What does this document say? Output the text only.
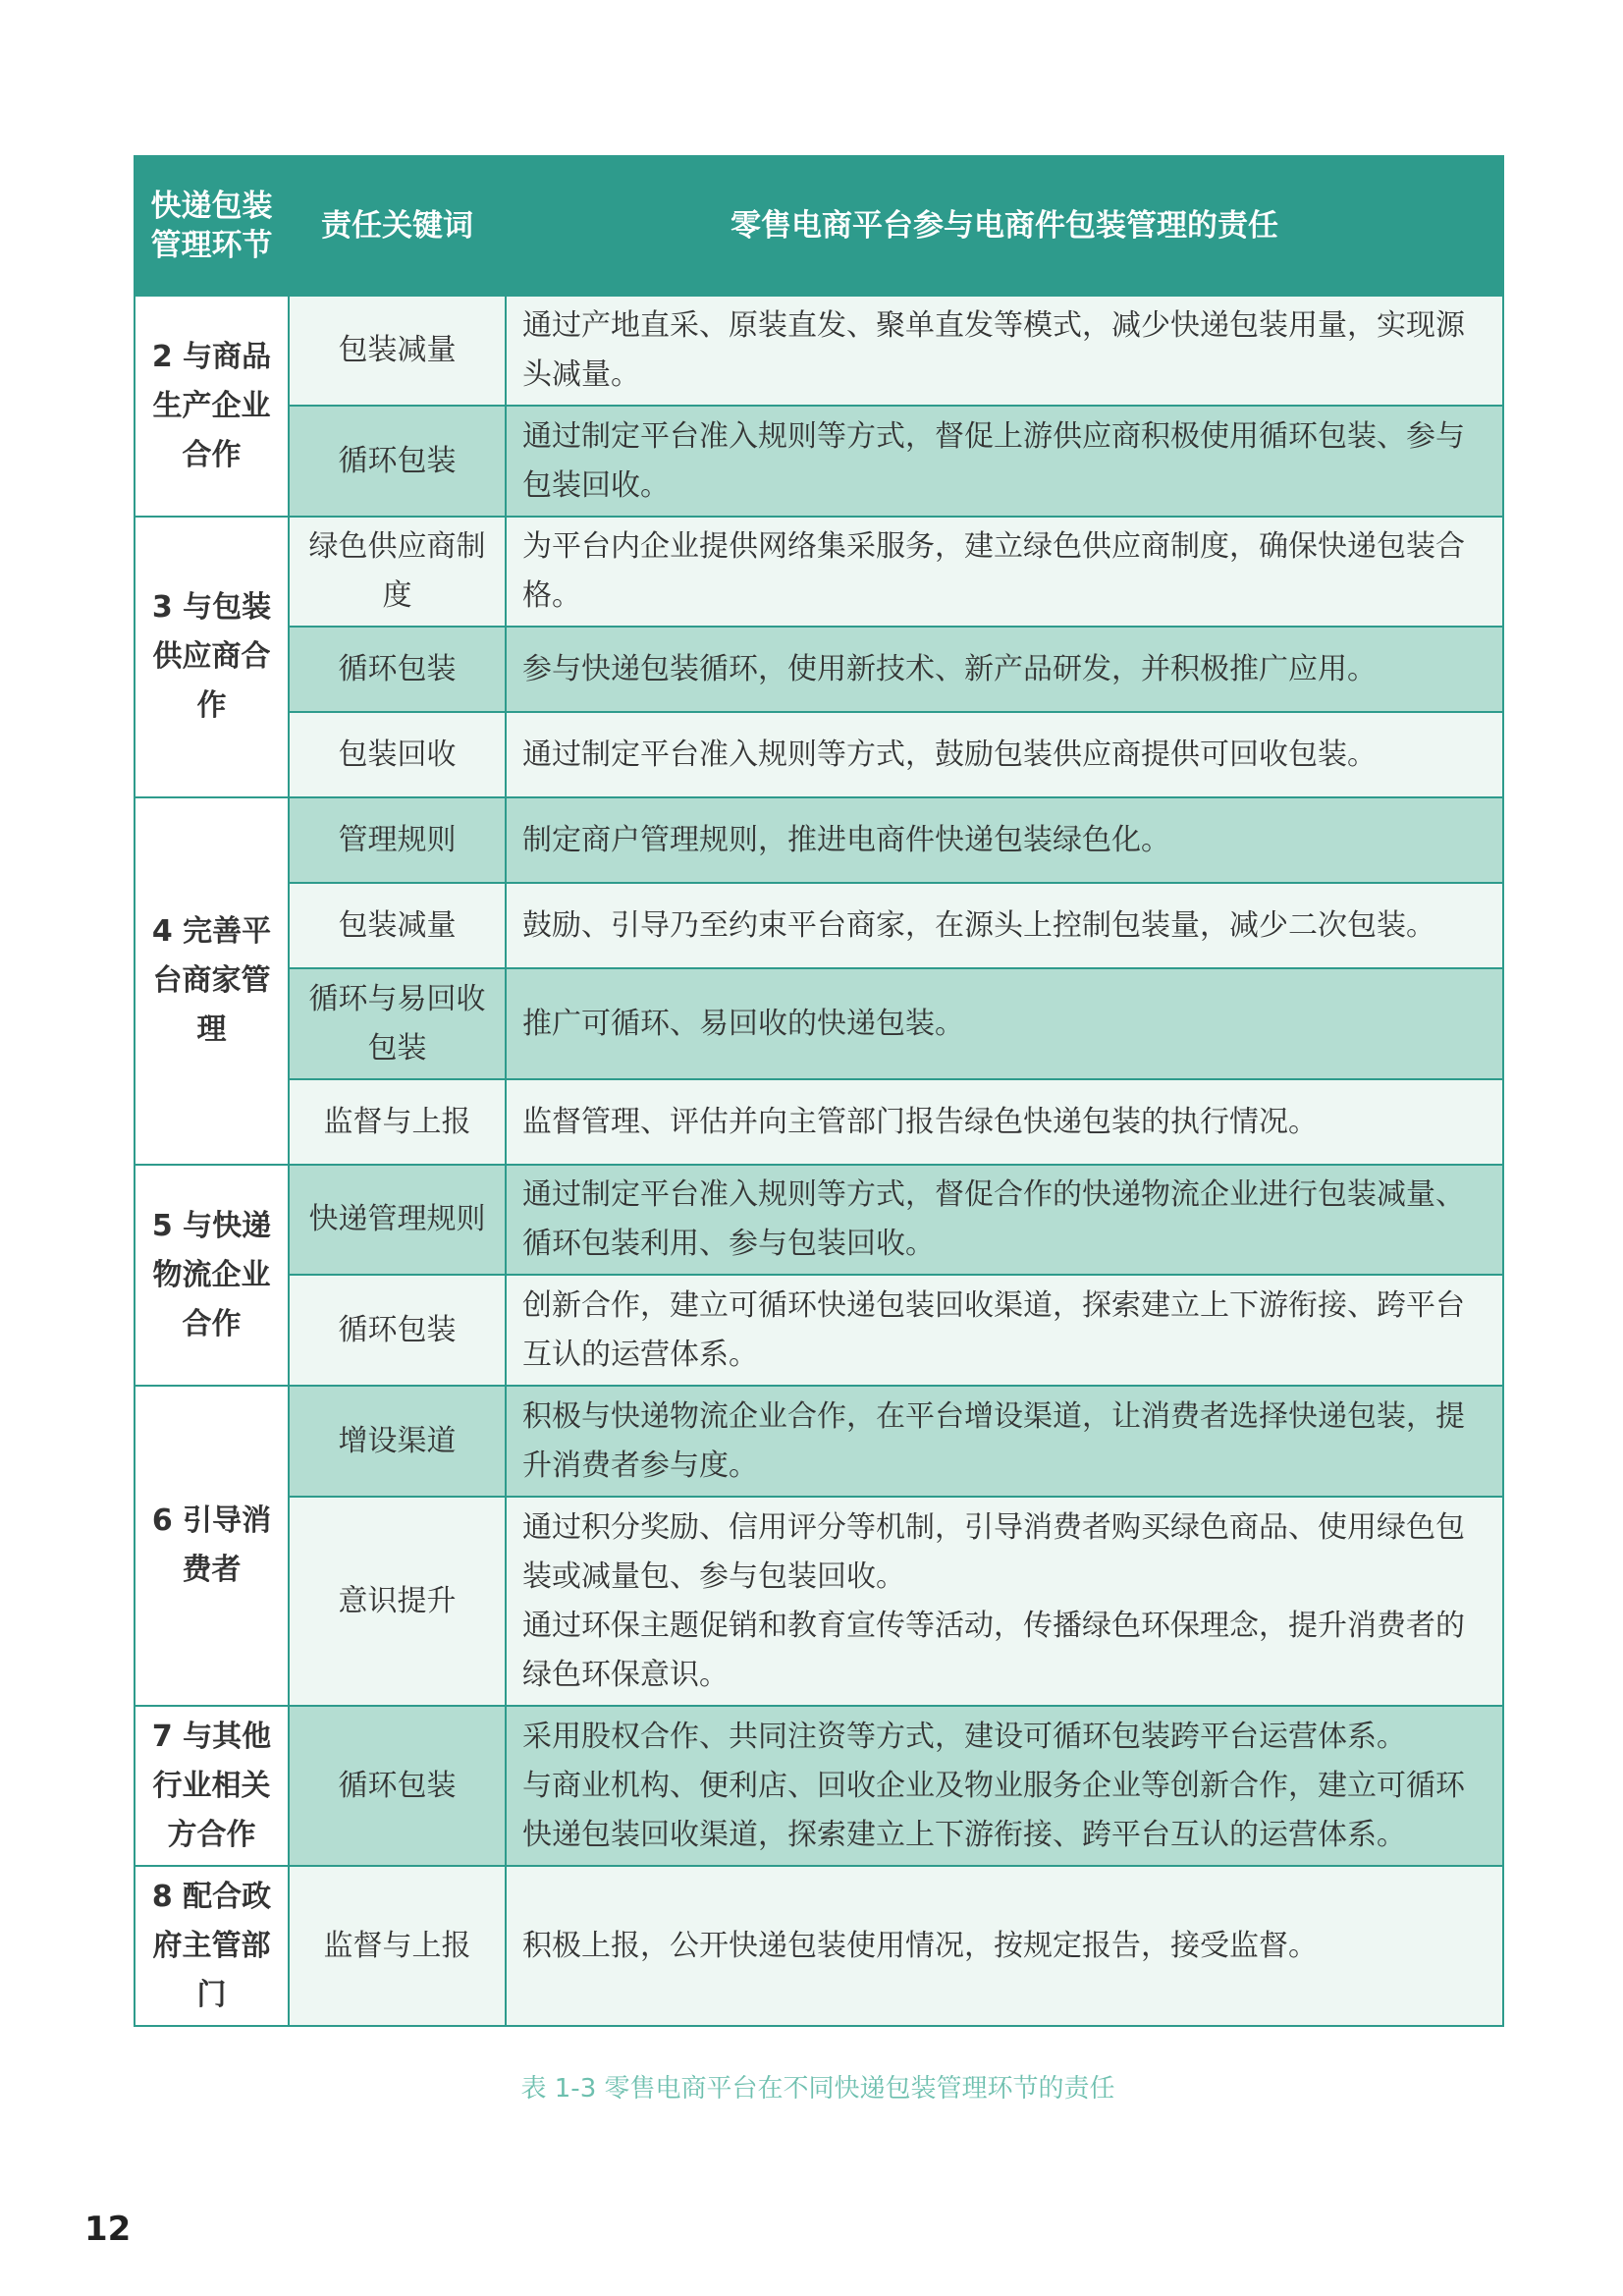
快递包装管理环节	责任关键词	零售电商平台参与电商件包装管理的责任
2 与商品生产企业合作	包装减量	通过产地直采、原装直发、聚单直发等模式，减少快递包装用量，实现源头减量。
	循环包装	通过制定平台准入规则等方式，督促上游供应商积极使用循环包装、参与包装回收。
3 与包装供应商合作	绿色供应商制度	为平台内企业提供网络集采服务，建立绿色供应商制度，确保快递包装合格。
	循环包装	参与快递包装循环，使用新技术、新产品研发，并积极推广应用。
	包装回收	通过制定平台准入规则等方式，鼓励包装供应商提供可回收包装。
4 完善平台商家管理	管理规则	制定商户管理规则，推进电商件快递包装绿色化。
	包装减量	鼓励、引导乃至约束平台商家，在源头上控制包装量，减少二次包装。
	循环与易回收包装	推广可循环、易回收的快递包装。
	监督与上报	监督管理、评估并向主管部门报告绿色快递包装的执行情况。
5 与快递物流企业合作	快递管理规则	通过制定平台准入规则等方式，督促合作的快递物流企业进行包装减量、循环包装利用、参与包装回收。
	循环包装	创新合作，建立可循环快递包装回收渠道，探索建立上下游衔接、跨平台互认的运营体系。
6 引导消费者	增设渠道	积极与快递物流企业合作，在平台增设渠道，让消费者选择快递包装，提升消费者参与度。
	意识提升	通过积分奖励、信用评分等机制，引导消费者购买绿色商品、使用绿色包装或减量包、参与包装回收。
通过环保主题促销和教育宣传等活动，传播绿色环保理念，提升消费者的绿色环保意识。

7 与其他行业相关方合作	循环包装	采用股权合作、共同注资等方式，建设可循环包装跨平台运营体系。
与商业机构、便利店、回收企业及物业服务企业等创新合作，建立可循环快递包装回收渠道，探索建立上下游衔接、跨平台互认的运营体系。

8 配合政府主管部门	监督与上报	积极上报，公开快递包装使用情况，按规定报告，接受监督。
表 1-3 零售电商平台在不同快递包装管理环节的责任
12
